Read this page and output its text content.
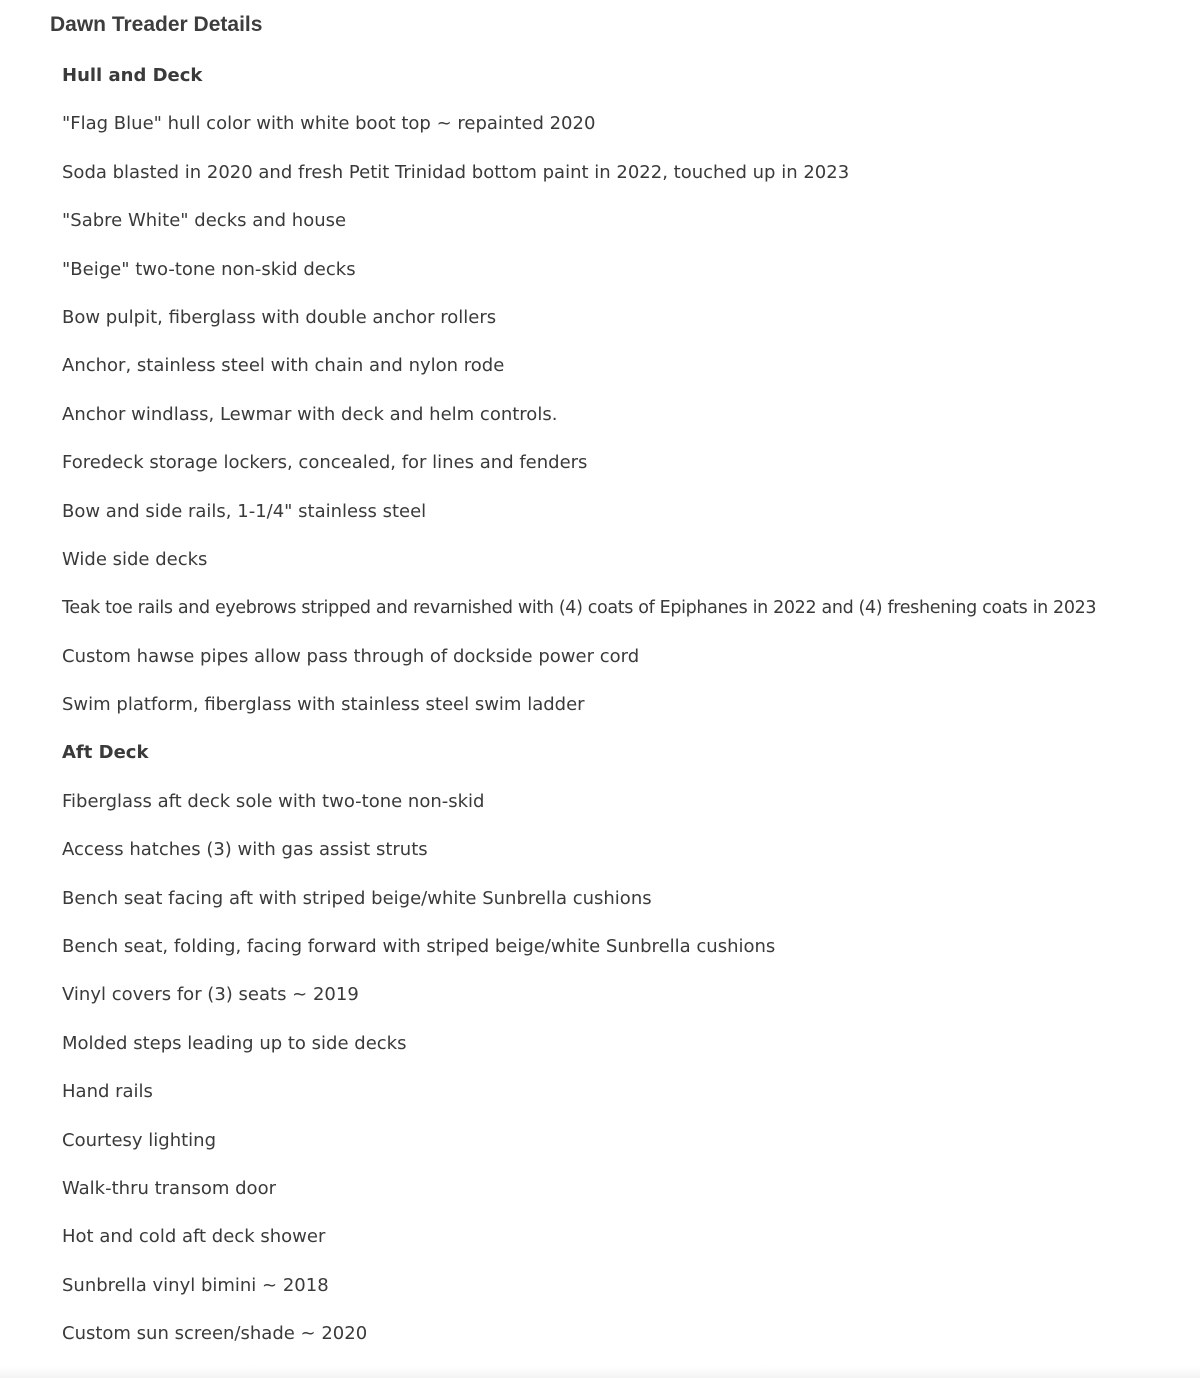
Dawn Treader Details
Hull and Deck
"Flag Blue" hull color with white boot top ~ repainted 2020
Soda blasted in 2020 and fresh Petit Trinidad bottom paint in 2022, touched up in 2023
"Sabre White" decks and house
"Beige" two-tone non-skid decks
Bow pulpit, fiberglass with double anchor rollers
Anchor, stainless steel with chain and nylon rode
Anchor windlass, Lewmar with deck and helm controls.
Foredeck storage lockers, concealed, for lines and fenders
Bow and side rails, 1-1/4" stainless steel
Wide side decks
Teak toe rails and eyebrows stripped and revarnished with (4) coats of Epiphanes in 2022 and (4) freshening coats in 2023
Custom hawse pipes allow pass through of dockside power cord
Swim platform, fiberglass with stainless steel swim ladder
Aft Deck
Fiberglass aft deck sole with two-tone non-skid
Access hatches (3) with gas assist struts
Bench seat facing aft with striped beige/white Sunbrella cushions
Bench seat, folding, facing forward with striped beige/white Sunbrella cushions
Vinyl covers for (3) seats ~ 2019
Molded steps leading up to side decks
Hand rails
Courtesy lighting
Walk-thru transom door
Hot and cold aft deck shower
Sunbrella vinyl bimini ~ 2018
Custom sun screen/shade ~ 2020
